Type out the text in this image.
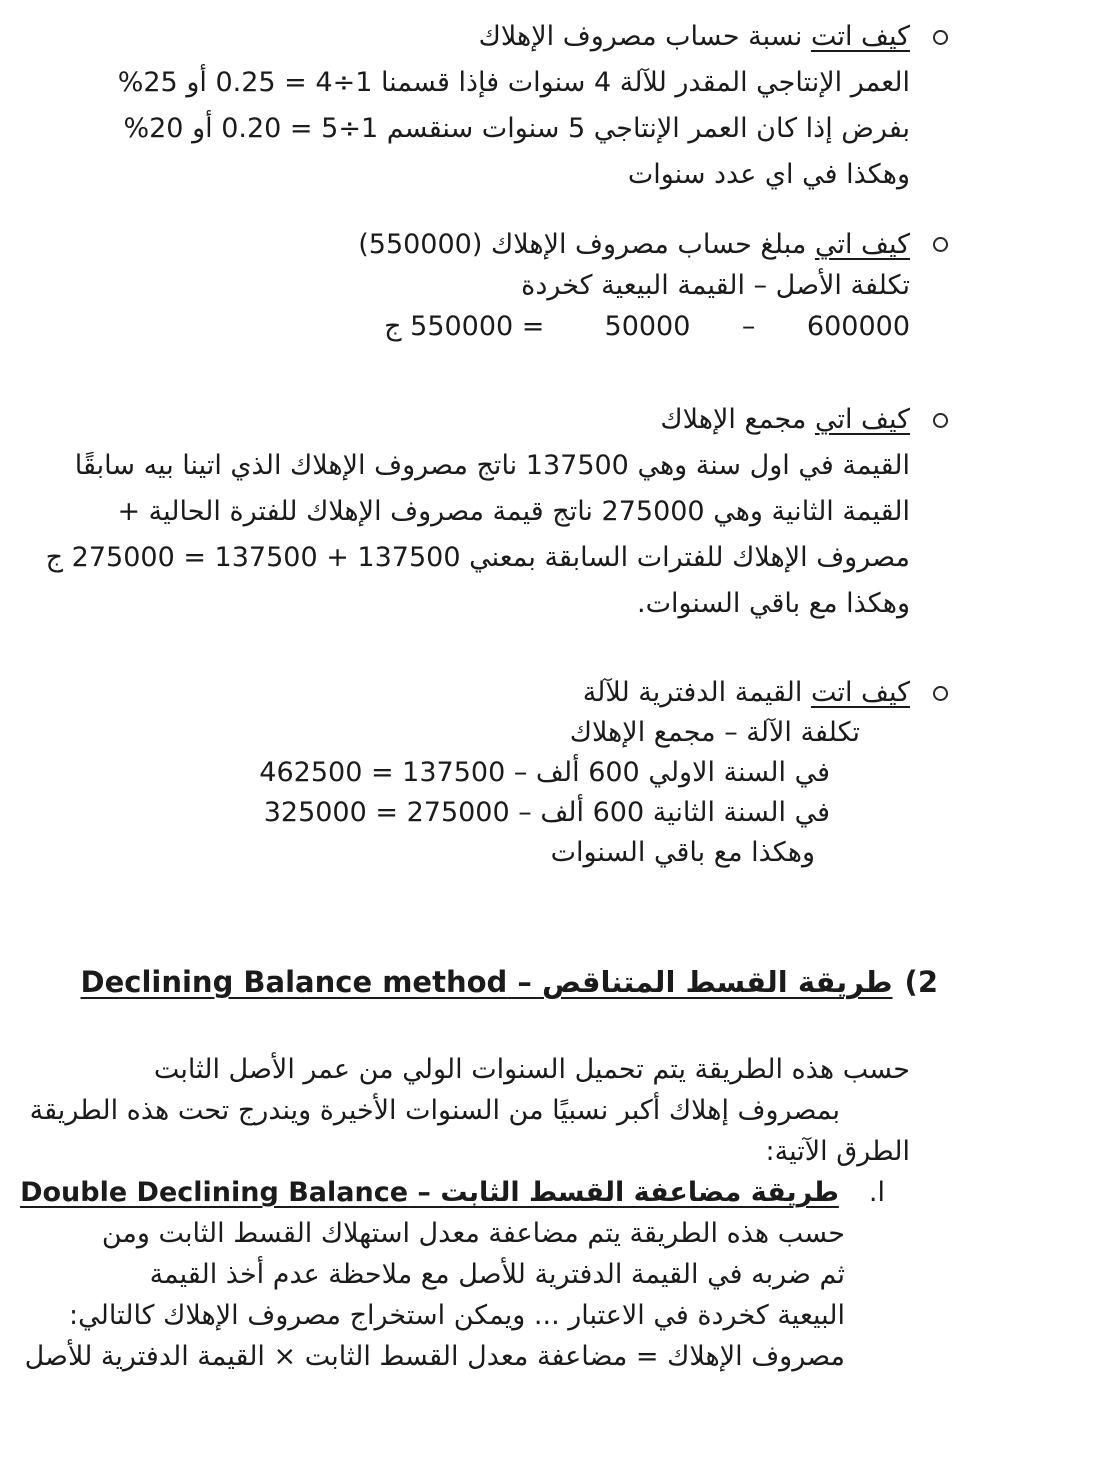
كيف اتت نسبة حساب مصروف الإهلاك
العمر الإنتاجي المقدر للآلة 4 سنوات فإذا قسمنا 1÷4 = 0.25 أو 25%
بفرض إذا كان العمر الإنتاجي 5 سنوات سنقسم 1÷5 = 0.20 أو 20%
وهكذا في اي عدد سنوات
كيف اتي مبلغ حساب مصروف الإهلاك (550000)
تكلفة الأصل – القيمة البيعية كخردة
600000      –      50000       = 550000 ج
كيف اتي مجمع الإهلاك
القيمة في اول سنة وهي 137500 ناتج مصروف الإهلاك الذي اتينا بيه سابقًا
القيمة الثانية وهي 275000 ناتج قيمة مصروف الإهلاك للفترة الحالية +
مصروف الإهلاك للفترات السابقة بمعني 137500 + 137500 = 275000 ج
وهكذا مع باقي السنوات.
كيف اتت القيمة الدفترية للآلة
تكلفة الآلة – مجمع الإهلاك
في السنة الاولي 600 ألف – 137500 = 462500
في السنة الثانية 600 ألف – 275000 = 325000
وهكذا مع باقي السنوات
2)طريقة القسط المتناقص – Declining Balance method
حسب هذه الطريقة يتم تحميل السنوات الولي من عمر الأصل الثابت
بمصروف إهلاك أكبر نسبيًا من السنوات الأخيرة ويندرج تحت هذه الطريقة
الطرق الآتية:
ا.طريقة مضاعفة القسط الثابت – Double Declining Balance
حسب هذه الطريقة يتم مضاعفة معدل استهلاك القسط الثابت ومن
ثم ضربه في القيمة الدفترية للأصل مع ملاحظة عدم أخذ القيمة
البيعية كخردة في الاعتبار ... ويمكن استخراج مصروف الإهلاك كالتالي:
مصروف الإهلاك = مضاعفة معدل القسط الثابت × القيمة الدفترية للأصل
